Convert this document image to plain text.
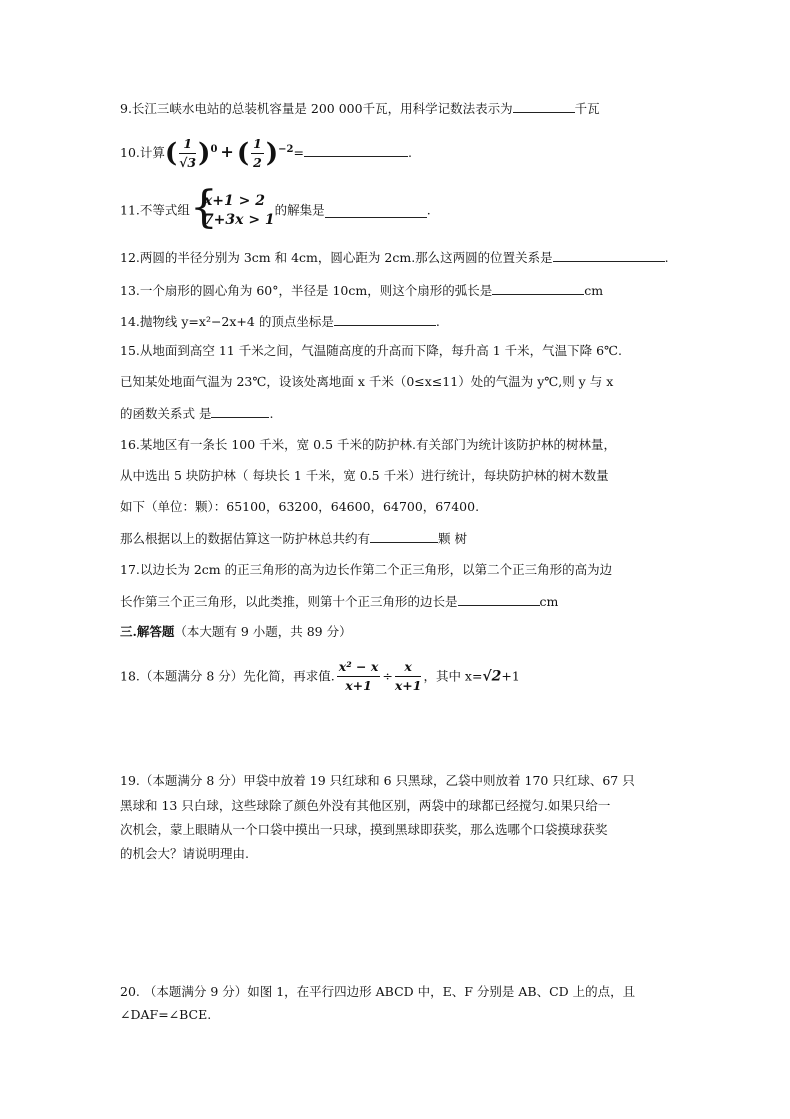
9.长江三峡水电站的总装机容量是 200 000千瓦，用科学记数法表示为	千瓦
10.计算( $\frac{1}{√3} )^0$ + ( $\frac{1}{2} )^{-2}=$	.
11.不等式组 {
x+1 > 2
7+3x > 1
的解集是	.
12.两圆的半径分别为 3cm 和 4cm，圆心距为 2cm.那么这两圆的位置关系是	.
13.一个扇形的圆心角为 60°，半径是 10cm，则这个扇形的弧长是	cm
14.抛物线 y=x²−2x+4 的顶点坐标是	.
15.从地面到高空 11 千米之间，气温随高度的升高而下降，每升高 1 千米，气温下降 6℃.
已知某处地面气温为 23℃，设该处离地面 x 千米（0≤x≤11）处的气温为 y℃,则 y 与 x
的函数关系式 是	.
16.某地区有一条长 100 千米，宽 0.5 千米的防护林.有关部门为统计该防护林的树林量，
从中选出 5 块防护林（ 每块长 1 千米，宽 0.5 千米）进行统计，每块防护林的树木数量
如下（单位：颗）：65100，63200，64600，64700，67400.
那么根据以上的数据估算这一防护林总共约有	颗 树
17.以边长为 2cm 的正三角形的高为边长作第二个正三角形，以第二个正三角形的高为边
长作第三个正三角形，以此类推，则第十个正三角形的边长是	cm
三.解答题（本大题有 9 小题，共 89 分）
18.（本题满分 8 分）先化简，再求值. $\frac{\text{x² − x}}{x+1} \div \frac{x}{x+1}$ ，其中 x=√2+1
19.（本题满分 8 分）甲袋中放着 19 只红球和 6 只黑球，乙袋中则放着 170 只红球、67 只
黑球和 13 只白球，这些球除了颜色外没有其他区别，两袋中的球都已经搅匀.如果只给一
次机会，蒙上眼睛从一个口袋中摸出一只球，摸到黑球即获奖，那么选哪个口袋摸球获奖
的机会大？请说明理由.
20. （本题满分 9 分）如图 1，在平行四边形 ABCD 中，E、F 分别是 AB、CD 上的点，且
∠DAF=∠BCE.
